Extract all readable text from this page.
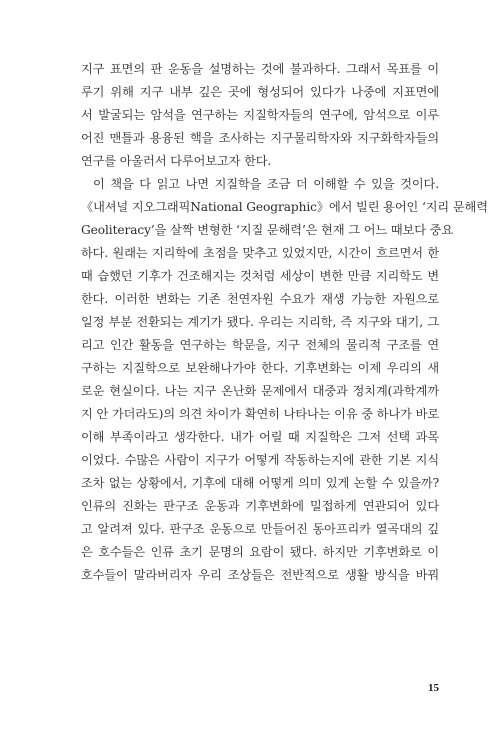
지구 표면의 판 운동을 설명하는 것에 불과하다. 그래서 목표를 이
루기 위해 지구 내부 깊은 곳에 형성되어 있다가 나중에 지표면에
서 발굴되는 암석을 연구하는 지질학자들의 연구에, 암석으로 이루
어진 맨틀과 용융된 핵을 조사하는 지구물리학자와 지구화학자들의
연구를 아울러서 다루어보고자 한다.
이 책을 다 읽고 나면 지질학을 조금 더 이해할 수 있을 것이다.
《내셔널 지오그래픽National Geographic》에서 빌린 용어인 ‘지리 문해력
Geoliteracy’을 살짝 변형한 ‘지질 문해력’은 현재 그 어느 때보다 중요
하다. 원래는 지리학에 초점을 맞추고 있었지만, 시간이 흐르면서 한
때 습했던 기후가 건조해지는 것처럼 세상이 변한 만큼 지리학도 변
한다. 이러한 변화는 기존 천연자원 수요가 재생 가능한 자원으로
일정 부분 전환되는 계기가 됐다. 우리는 지리학, 즉 지구와 대기, 그
리고 인간 활동을 연구하는 학문을, 지구 전체의 물리적 구조를 연
구하는 지질학으로 보완해나가야 한다. 기후변화는 이제 우리의 새
로운 현실이다. 나는 지구 온난화 문제에서 대중과 정치계(과학계까
지 안 가더라도)의 의견 차이가 확연히 나타나는 이유 중 하나가 바로
이해 부족이라고 생각한다. 내가 어릴 때 지질학은 그저 선택 과목
이었다. 수많은 사람이 지구가 어떻게 작동하는지에 관한 기본 지식
조차 없는 상황에서, 기후에 대해 어떻게 의미 있게 논할 수 있을까?
인류의 진화는 판구조 운동과 기후변화에 밀접하게 연관되어 있다
고 알려져 있다. 판구조 운동으로 만들어진 동아프리카 열곡대의 깊
은 호수들은 인류 초기 문명의 요람이 됐다. 하지만 기후변화로 이
호수들이 말라버리자 우리 조상들은 전반적으로 생활 방식을 바꿔
15
